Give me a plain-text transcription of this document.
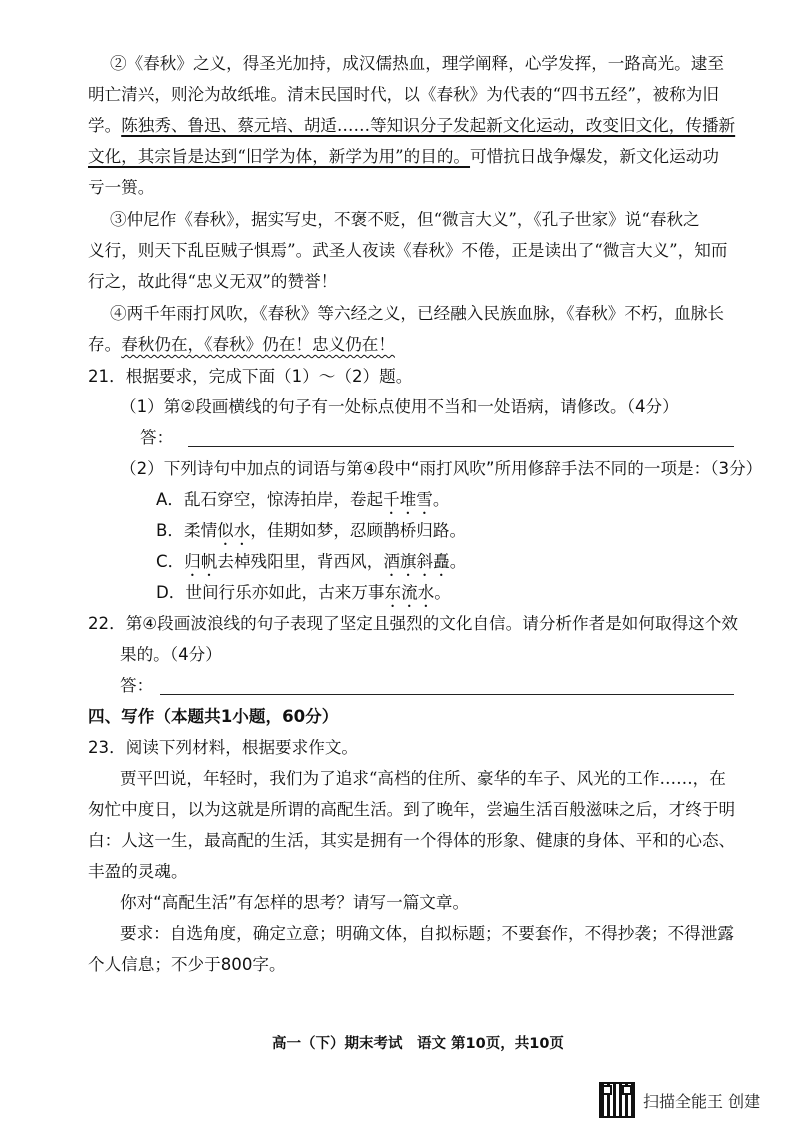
②《春秋》之义，得圣光加持，成汉儒热血，理学阐释，心学发挥，一路高光。逮至
明亡清兴，则沦为故纸堆。清末民国时代，以《春秋》为代表的“四书五经”，被称为旧
学。陈独秀、鲁迅、蔡元培、胡适……等知识分子发起新文化运动，改变旧文化，传播新
文化，其宗旨是达到“旧学为体，新学为用”的目的。可惜抗日战争爆发，新文化运动功
亏一篑。
③仲尼作《春秋》，据实写史，不褒不贬，但“微言大义”，《孔子世家》说“春秋之
义行，则天下乱臣贼子惧焉”。武圣人夜读《春秋》不倦，正是读出了“微言大义”，知而
行之，故此得“忠义无双”的赞誉！
④两千年雨打风吹，《春秋》等六经之义，已经融入民族血脉，《春秋》不朽，血脉长
存。春秋仍在，《春秋》仍在！忠义仍在！
21．根据要求，完成下面（1）～（2）题。
（1）第②段画横线的句子有一处标点使用不当和一处语病，请修改。（4分）
答：
（2）下列诗句中加点的词语与第④段中“雨打风吹”所用修辞手法不同的一项是：（3分）
A．乱石穿空，惊涛拍岸，卷起千堆雪。
B．柔情似水，佳期如梦，忍顾鹊桥归路。
C．归帆去棹残阳里，背西风，酒旗斜矗。
D．世间行乐亦如此，古来万事东流水。
22．第④段画波浪线的句子表现了坚定且强烈的文化自信。请分析作者是如何取得这个效
果的。（4分）
答：
四、写作（本题共1小题，60分）
23．阅读下列材料，根据要求作文。
贾平凹说，年轻时，我们为了追求“高档的住所、豪华的车子、风光的工作……，在
匆忙中度日，以为这就是所谓的高配生活。到了晚年，尝遍生活百般滋味之后，才终于明
白：人这一生，最高配的生活，其实是拥有一个得体的形象、健康的身体、平和的心态、
丰盈的灵魂。
你对“高配生活”有怎样的思考？请写一篇文章。
要求：自选角度，确定立意；明确文体，自拟标题；不要套作，不得抄袭；不得泄露
个人信息；不少于800字。
高一（下）期末考试　语文 第10页，共10页
扫描全能王 创建
